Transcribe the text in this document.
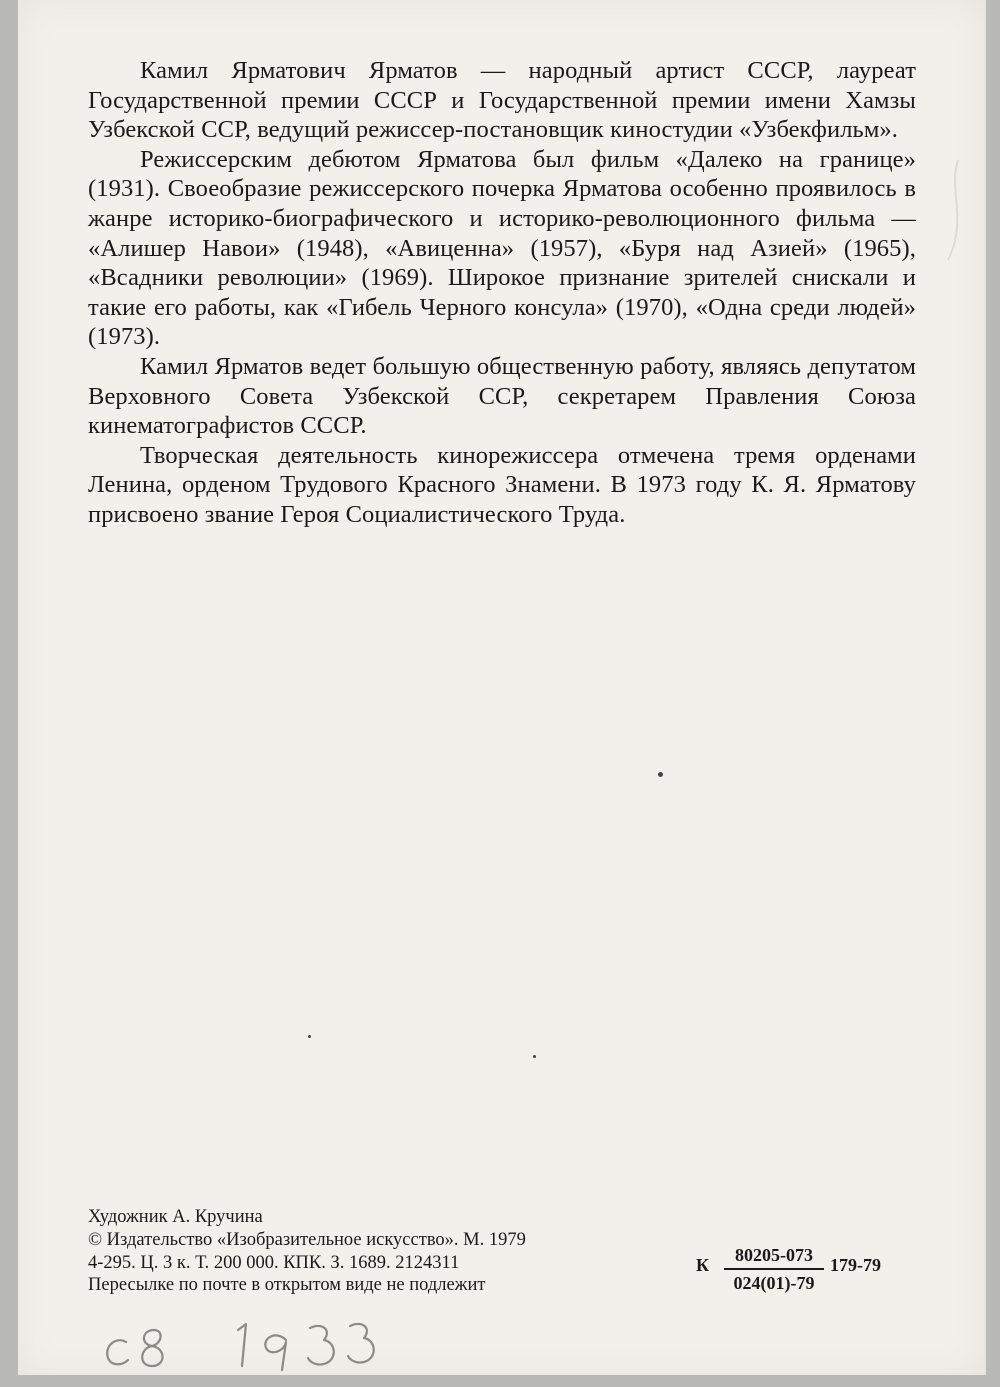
Камил Ярматович Ярматов — народный артист СССР, лауреат Государственной премии СССР и Государственной премии имени Хамзы Узбекской ССР, ведущий режиссер-постановщик киностудии «Узбекфильм».

Режиссерским дебютом Ярматова был фильм «Далеко на границе» (1931). Своеобразие режиссерского почерка Ярматова особенно проявилось в жанре историко-биографического и историко-революционного фильма — «Алишер Навои» (1948), «Авиценна» (1957), «Буря над Азией» (1965), «Всадники революции» (1969). Широкое признание зрителей снискали и такие его работы, как «Гибель Черного консула» (1970), «Одна среди людей» (1973).

Камил Ярматов ведет большую общественную работу, являясь депутатом Верховного Совета Узбекской ССР, секретарем Правления Союза кинематографистов СССР.

Творческая деятельность кинорежиссера отмечена тремя орденами Ленина, орденом Трудового Красного Знамени. В 1973 году К. Я. Ярматову присвоено звание Героя Социалистического Труда.

Художник А. Кручина
© Издательство «Изобразительное искусство». М. 1979
4-295. Ц. 3 к. Т. 200 000. КПК. З. 1689. 2124311
Пересылке по почте в открытом виде не подлежит
К $\frac{80205-073}{024(01)-79} 179-79$
